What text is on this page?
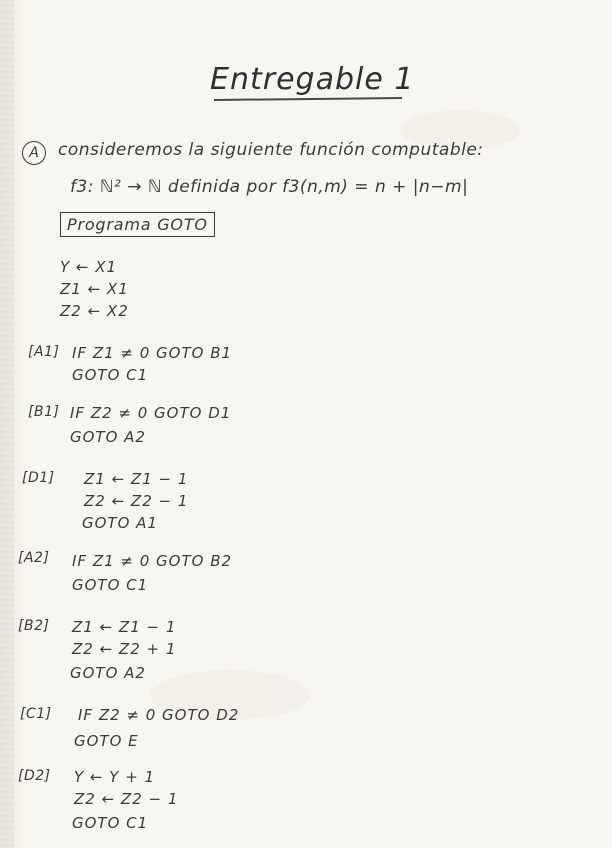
Entregable 1
A	consideremos la siguiente función computable:
f3: ℕ² → ℕ definida por f3(n,m) = n + |n−m|
Programa GOTO
Y ← X1
Z1 ← X1
Z2 ← X2
[A1] IF Z1 ≠ 0 GOTO B1
GOTO C1
[B1] IF Z2 ≠ 0 GOTO D1
GOTO A2
[D1] Z1 ← Z1 − 1
Z2 ← Z2 − 1
GOTO A1
[A2] IF Z1 ≠ 0 GOTO B2
GOTO C1
[B2] Z1 ← Z1 − 1
Z2 ← Z2 + 1
GOTO A2
[C1] IF Z2 ≠ 0 GOTO D2
GOTO E
[D2] Y ← Y + 1
Z2 ← Z2 − 1
GOTO C1
